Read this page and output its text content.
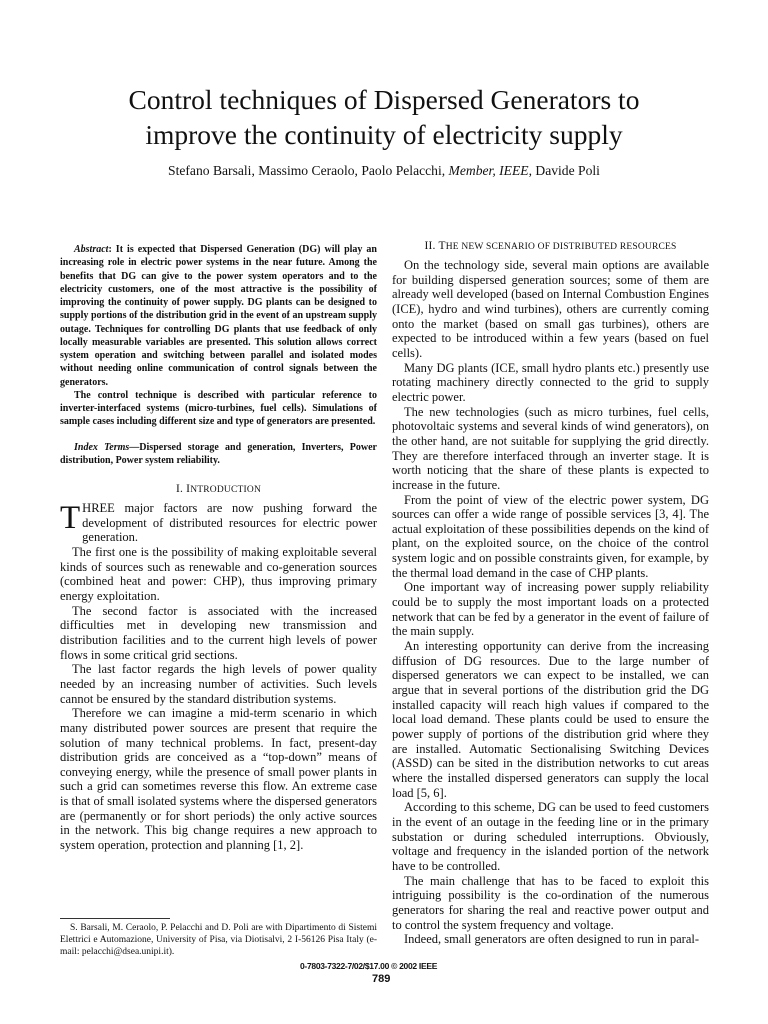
Control techniques of Dispersed Generators to
improve the continuity of electricity supply
Stefano Barsali, Massimo Ceraolo, Paolo Pelacchi, Member, IEEE, Davide Poli

Abstract: It is expected that Dispersed Generation (DG) will play an increasing role in electric power systems in the near future. Among the benefits that DG can give to the power system operators and to the electricity customers, one of the most attractive is the possibility of improving the continuity of power supply. DG plants can be designed to supply portions of the distribution grid in the event of an upstream supply outage. Techniques for controlling DG plants that use feedback of only locally measurable variables are presented. This solution allows correct system operation and switching between parallel and isolated modes without needing online communication of control signals between the generators.

The control technique is described with particular reference to inverter-interfaced systems (micro-turbines, fuel cells). Simulations of sample cases including different size and type of generators are presented.

Index Terms—Dispersed storage and generation, Inverters, Power distribution, Power system reliability.
I. INTRODUCTION

THREE major factors are now pushing forward the development of distributed resources for electric power generation.

The first one is the possibility of making exploitable several kinds of sources such as renewable and co-generation sources (combined heat and power: CHP), thus improving primary energy exploitation.

The second factor is associated with the increased difficulties met in developing new transmission and distribution facilities and to the current high levels of power flows in some critical grid sections.

The last factor regards the high levels of power quality needed by an increasing number of activities. Such levels cannot be ensured by the standard distribution systems.

Therefore we can imagine a mid-term scenario in which many distributed power sources are present that require the solution of many technical problems. In fact, present-day distribution grids are conceived as a “top-down” means of conveying energy, while the presence of small power plants in such a grid can sometimes reverse this flow. An extreme case is that of small isolated systems where the dispersed generators are (permanently or for short periods) the only active sources in the network. This big change requires a new approach to system operation, protection and planning [1, 2].

II. THE NEW SCENARIO OF DISTRIBUTED RESOURCES

On the technology side, several main options are available for building dispersed generation sources; some of them are already well developed (based on Internal Combustion Engines (ICE), hydro and wind turbines), others are currently coming onto the market (based on small gas turbines), others are expected to be introduced within a few years (based on fuel cells).

Many DG plants (ICE, small hydro plants etc.) presently use rotating machinery directly connected to the grid to supply electric power.

The new technologies (such as micro turbines, fuel cells, photovoltaic systems and several kinds of wind generators), on the other hand, are not suitable for supplying the grid directly. They are therefore interfaced through an inverter stage. It is worth noticing that the share of these plants is expected to increase in the future.

From the point of view of the electric power system, DG sources can offer a wide range of possible services [3, 4]. The actual exploitation of these possibilities depends on the kind of plant, on the exploited source, on the choice of the control system logic and on possible constraints given, for example, by the thermal load demand in the case of CHP plants.

One important way of increasing power supply reliability could be to supply the most important loads on a protected network that can be fed by a generator in the event of failure of the main supply.

An interesting opportunity can derive from the increasing diffusion of DG resources. Due to the large number of dispersed generators we can expect to be installed, we can argue that in several portions of the distribution grid the DG installed capacity will reach high values if compared to the local load demand. These plants could be used to ensure the power supply of portions of the distribution grid where they are installed. Automatic Sectionalising Switching Devices (ASSD) can be sited in the distribution networks to cut areas where the installed dispersed generators can supply the local load [5, 6].

According to this scheme, DG can be used to feed customers in the event of an outage in the feeding line or in the primary substation or during scheduled interruptions. Obviously, voltage and frequency in the islanded portion of the network have to be controlled.

The main challenge that has to be faced to exploit this intriguing possibility is the co-ordination of the numerous generators for sharing the real and reactive power output and to control the system frequency and voltage.

Indeed, small generators are often designed to run in paral-

S. Barsali, M. Ceraolo, P. Pelacchi and D. Poli are with Dipartimento di Sistemi Elettrici e Automazione, University of Pisa, via Diotisalvi, 2 I-56126 Pisa Italy (e-mail: pelacchi@dsea.unipi.it).
0-7803-7322-7/02/$17.00 © 2002 IEEE
789
